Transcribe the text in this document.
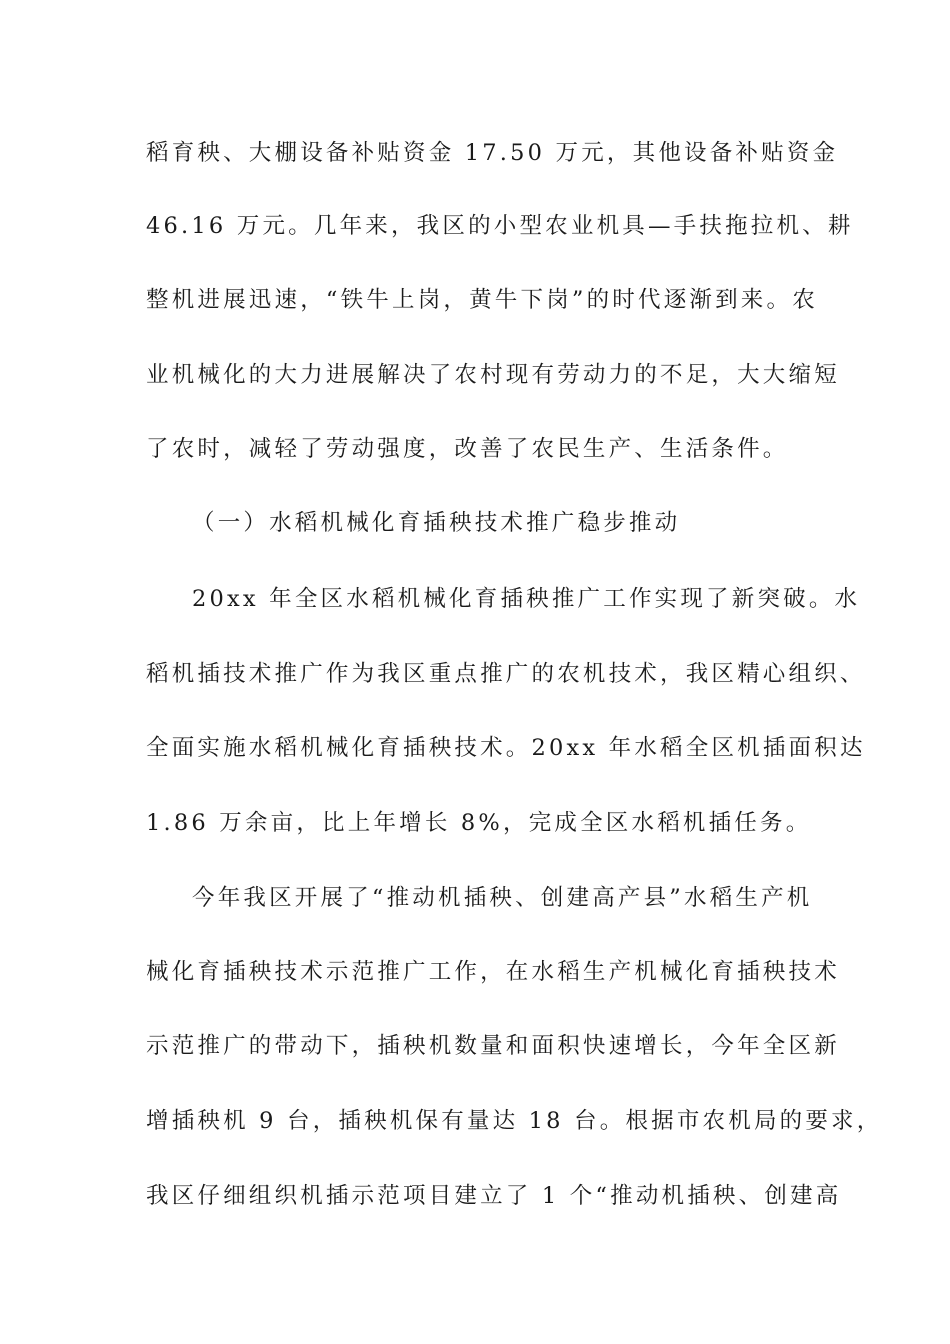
稻育秧、大棚设备补贴资金 17.50 万元，其他设备补贴资金
46.16 万元。几年来，我区的小型农业机具—手扶拖拉机、耕
整机进展迅速，“铁牛上岗，黄牛下岗”的时代逐渐到来。农
业机械化的大力进展解决了农村现有劳动力的不足，大大缩短
了农时，减轻了劳动强度，改善了农民生产、生活条件。
（一）水稻机械化育插秧技术推广稳步推动
20xx 年全区水稻机械化育插秧推广工作实现了新突破。水
稻机插技术推广作为我区重点推广的农机技术，我区精心组织、
全面实施水稻机械化育插秧技术。20xx 年水稻全区机插面积达
1.86 万余亩，比上年增长 8%，完成全区水稻机插任务。
今年我区开展了“推动机插秧、创建高产县”水稻生产机
械化育插秧技术示范推广工作，在水稻生产机械化育插秧技术
示范推广的带动下，插秧机数量和面积快速增长，今年全区新
增插秧机 9 台，插秧机保有量达 18 台。根据市农机局的要求，
我区仔细组织机插示范项目建立了 1 个“推动机插秧、创建高
